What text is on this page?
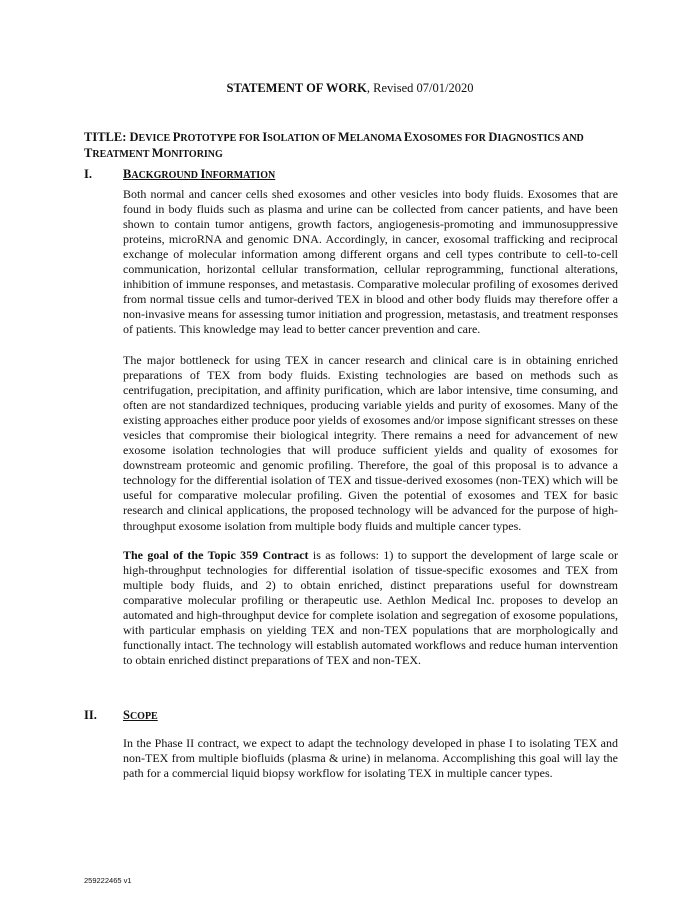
STATEMENT OF WORK, Revised 07/01/2020
TITLE: DEVICE PROTOTYPE FOR ISOLATION OF MELANOMA EXOSOMES FOR DIAGNOSTICS AND
TREATMENT MONITORING
I. BACKGROUND INFORMATION
Both normal and cancer cells shed exosomes and other vesicles into body fluids. Exosomes that are found in body fluids such as plasma and urine can be collected from cancer patients, and have been shown to contain tumor antigens, growth factors, angiogenesis-promoting and immunosuppressive proteins, microRNA and genomic DNA. Accordingly, in cancer, exosomal trafficking and reciprocal exchange of molecular information among different organs and cell types contribute to cell-to-cell communication, horizontal cellular transformation, cellular reprogramming, functional alterations, inhibition of immune responses, and metastasis. Comparative molecular profiling of exosomes derived from normal tissue cells and tumor-derived TEX in blood and other body fluids may therefore offer a non-invasive means for assessing tumor initiation and progression, metastasis, and treatment responses of patients. This knowledge may lead to better cancer prevention and care.
The major bottleneck for using TEX in cancer research and clinical care is in obtaining enriched preparations of TEX from body fluids. Existing technologies are based on methods such as centrifugation, precipitation, and affinity purification, which are labor intensive, time consuming, and often are not standardized techniques, producing variable yields and purity of exosomes. Many of the existing approaches either produce poor yields of exosomes and/or impose significant stresses on these vesicles that compromise their biological integrity. There remains a need for advancement of new exosome isolation technologies that will produce sufficient yields and quality of exosomes for downstream proteomic and genomic profiling. Therefore, the goal of this proposal is to advance a technology for the differential isolation of TEX and tissue-derived exosomes (non-TEX) which will be useful for comparative molecular profiling. Given the potential of exosomes and TEX for basic research and clinical applications, the proposed technology will be advanced for the purpose of high-throughput exosome isolation from multiple body fluids and multiple cancer types.
The goal of the Topic 359 Contract is as follows: 1) to support the development of large scale or high-throughput technologies for differential isolation of tissue-specific exosomes and TEX from multiple body fluids, and 2) to obtain enriched, distinct preparations useful for downstream comparative molecular profiling or therapeutic use. Aethlon Medical Inc. proposes to develop an automated and high-throughput device for complete isolation and segregation of exosome populations, with particular emphasis on yielding TEX and non-TEX populations that are morphologically and functionally intact. The technology will establish automated workflows and reduce human intervention to obtain enriched distinct preparations of TEX and non-TEX.
II. SCOPE
In the Phase II contract, we expect to adapt the technology developed in phase I to isolating TEX and non-TEX from multiple biofluids (plasma & urine) in melanoma. Accomplishing this goal will lay the path for a commercial liquid biopsy workflow for isolating TEX in multiple cancer types.
259222465 v1
